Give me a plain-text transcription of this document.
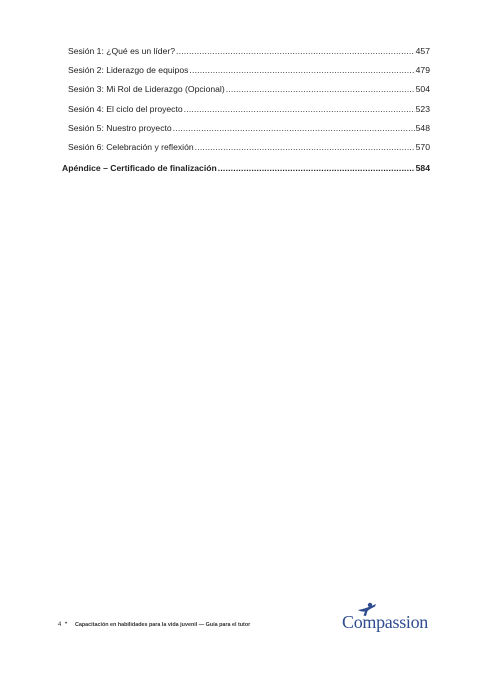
Sesión 1: ¿Qué es un líder? .....	457
Sesión 2: Liderazgo de equipos .....	479
Sesión 3: Mi Rol de Liderazgo (Opcional) .....	504
Sesión 4: El ciclo del proyecto .....	523
Sesión 5: Nuestro proyecto .....	548
Sesión 6: Celebración y reflexión .....	570
Apéndice – Certificado de finalización .....	584
4 • Capacitación en habilidades para la vida juvenil — Guía para el tutor	Compassion
